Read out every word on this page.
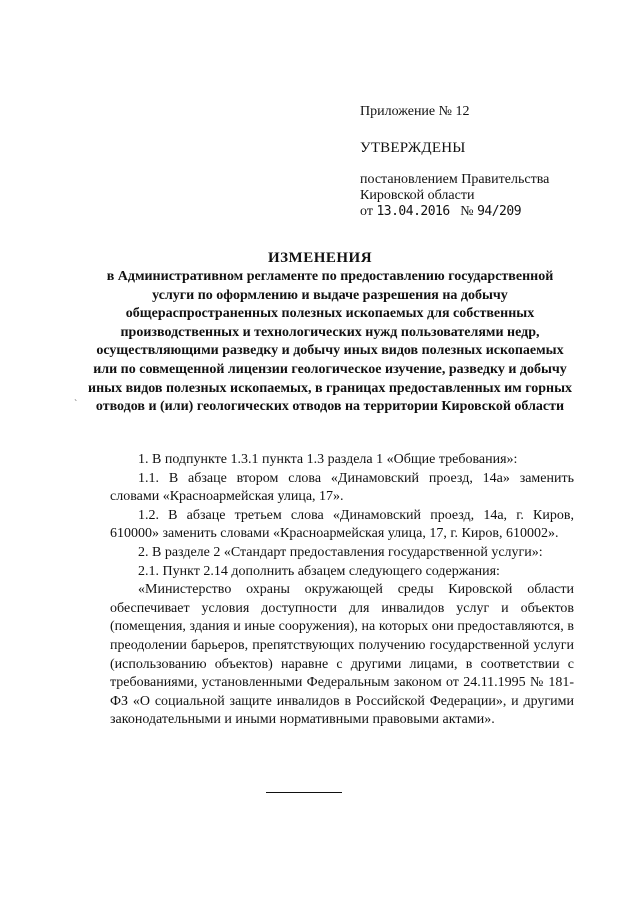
Приложение № 12
УТВЕРЖДЕНЫ
постановлением Правительства
Кировской области
от 13.04.2016 № 94/209
ИЗМЕНЕНИЯ
в Административном регламенте по предоставлению государственной услуги по оформлению и выдаче разрешения на добычу общераспространенных полезных ископаемых для собственных производственных и технологических нужд пользователями недр, осуществляющими разведку и добычу иных видов полезных ископаемых или по совмещенной лицензии геологическое изучение, разведку и добычу иных видов полезных ископаемых, в границах предоставленных им горных отводов и (или) геологических отводов на территории Кировской области
ˋ

1. В подпункте 1.3.1 пункта 1.3 раздела 1 «Общие требования»:

1.1. В абзаце втором слова «Динамовский проезд, 14а» заменить словами «Красноармейская улица, 17».

1.2. В абзаце третьем слова «Динамовский проезд, 14а, г. Киров, 610000» заменить словами «Красноармейская улица, 17, г. Киров, 610002».

2. В разделе 2 «Стандарт предоставления государственной услуги»:

2.1. Пункт 2.14 дополнить абзацем следующего содержания:

«Министерство охраны окружающей среды Кировской области обеспечивает условия доступности для инвалидов услуг и объектов (помещения, здания и иные сооружения), на которых они предоставляются, в преодолении барьеров, препятствующих получению государственной услуги (использованию объектов) наравне с другими лицами, в соответствии с требованиями, установленными Федеральным законом от 24.11.1995 № 181-ФЗ «О социальной защите инвалидов в Российской Федерации», и другими законодательными и иными нормативными правовыми актами».
